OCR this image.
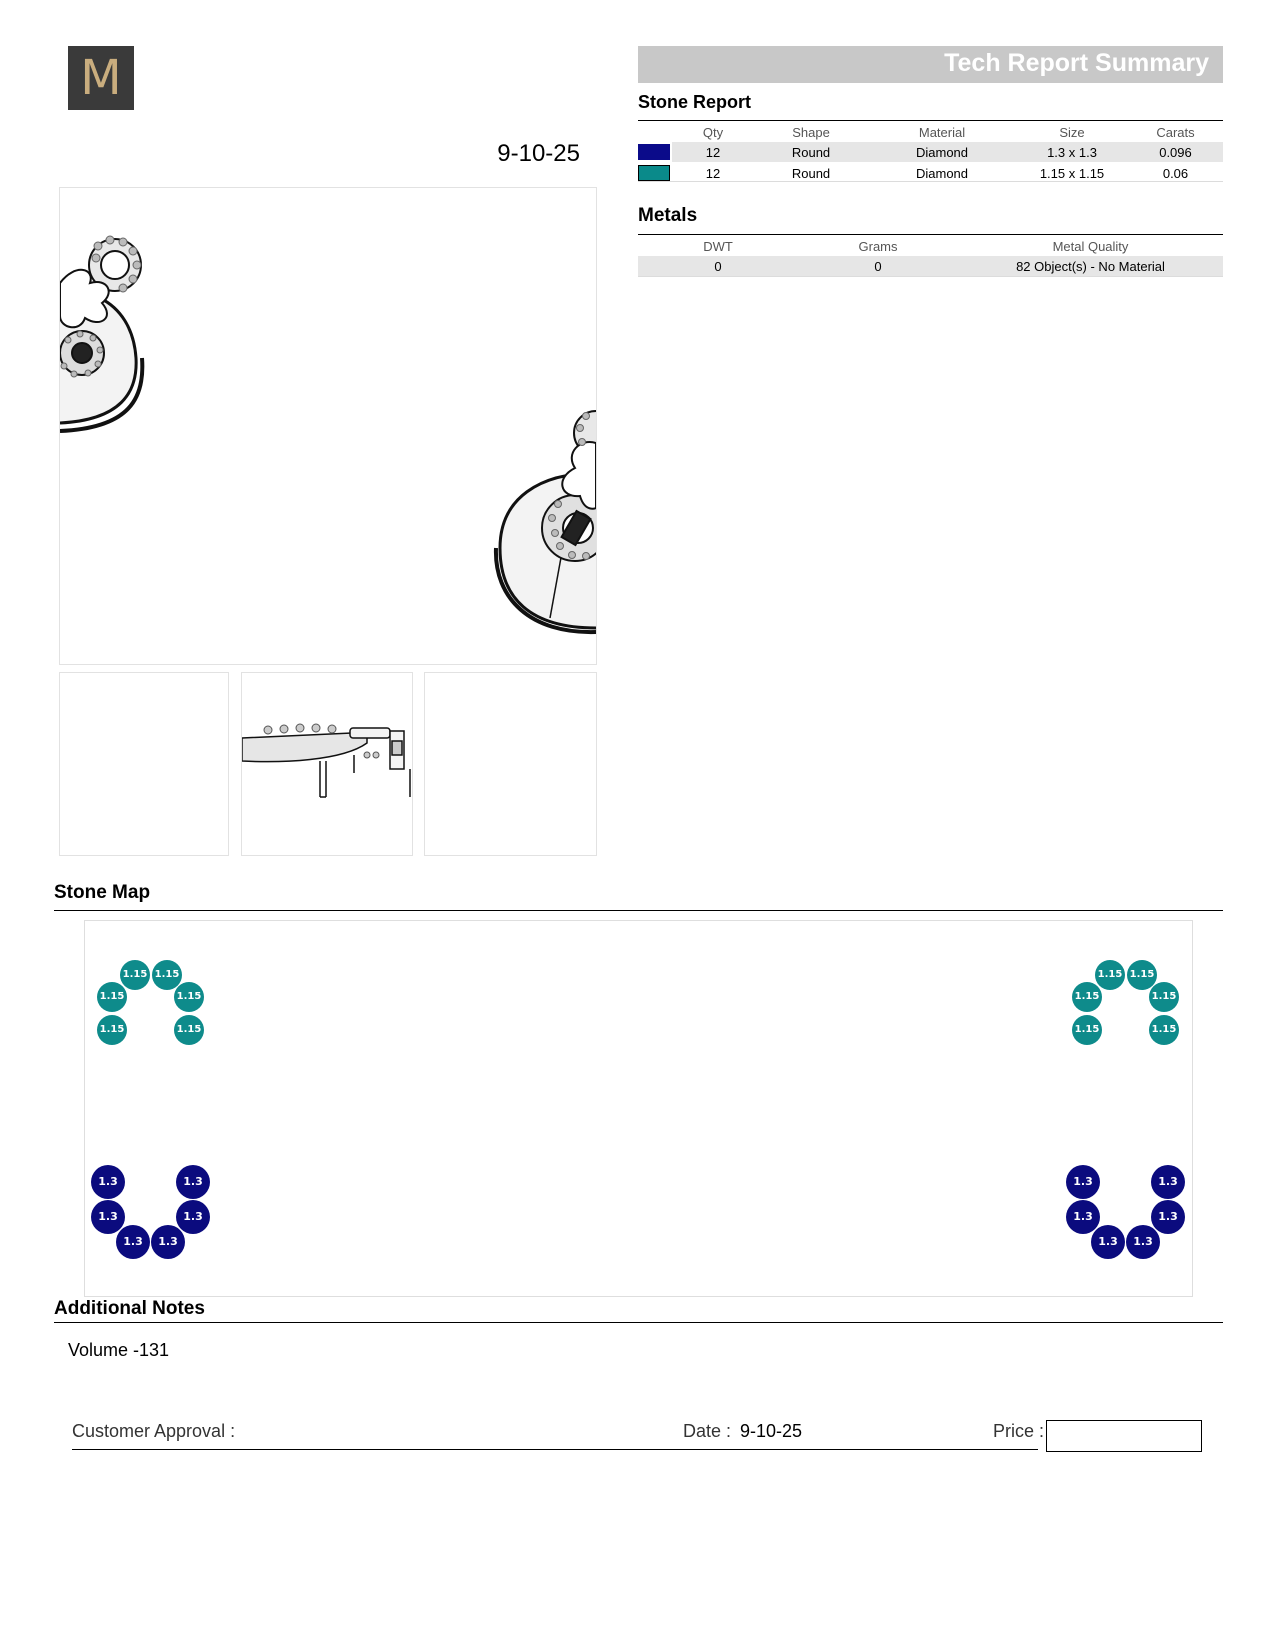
M
9-10-25
Tech Report Summary
Stone Report
	Qty	Shape	Material	Size	Carats
	12	Round	Diamond	1.3 x 1.3	0.096
	12	Round	Diamond	1.15 x 1.15	0.06
Metals
DWT	Grams	Metal Quality
0	0	82 Object(s) - No Material
Stone Map
1.15 1.15
1.15	1.15
1.15	1.15
1.15 1.15
1.15	1.15
1.15	1.15
1.3	1.3
1.3	1.3
1.3	1.3
1.3	1.3
1.3	1.3
1.3	1.3
Additional Notes
Volume -131
Customer Approval :	Date : 9-10-25	Price :
